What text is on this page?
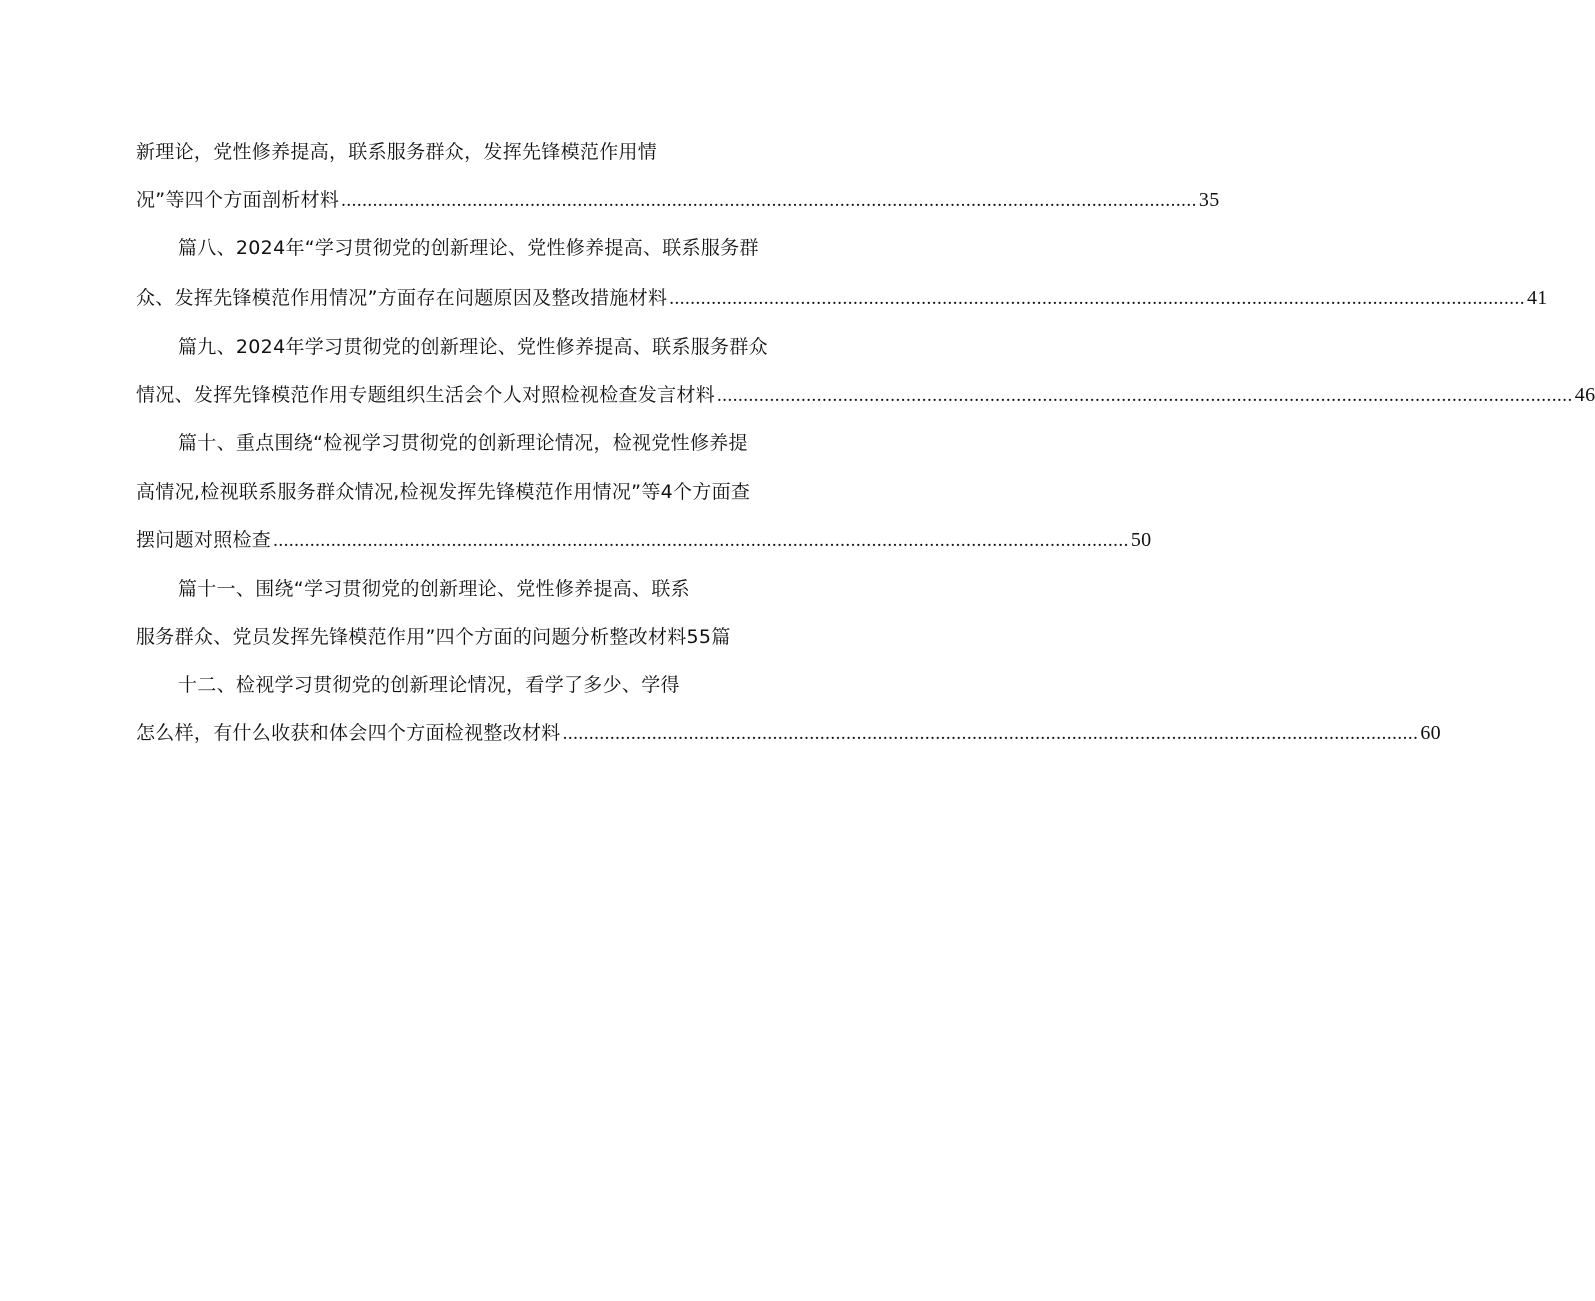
新理论，党性修养提高，联系服务群众，发挥先锋模范作用情
况”等四个方面剖析材料 ................................................................................................................................................................... 35
篇八、2024年“学习贯彻党的创新理论、党性修养提高、联系服务群
众、发挥先锋模范作用情况”方面存在问题原因及整改措施材料 ................................................................................................................................................................... 41
篇九、2024年学习贯彻党的创新理论、党性修养提高、联系服务群众
情况、发挥先锋模范作用专题组织生活会个人对照检视检查发言材料 ................................................................................................................................................................... 46
篇十、重点围绕“检视学习贯彻党的创新理论情况，检视党性修养提
高情况,检视联系服务群众情况,检视发挥先锋模范作用情况”等4个方面查
摆问题对照检查 ................................................................................................................................................................... 50
篇十一、围绕“学习贯彻党的创新理论、党性修养提高、联系
服务群众、党员发挥先锋模范作用”四个方面的问题分析整改材料55篇
十二、检视学习贯彻党的创新理论情况，看学了多少、学得
怎么样，有什么收获和体会四个方面检视整改材料 ................................................................................................................................................................... 60
